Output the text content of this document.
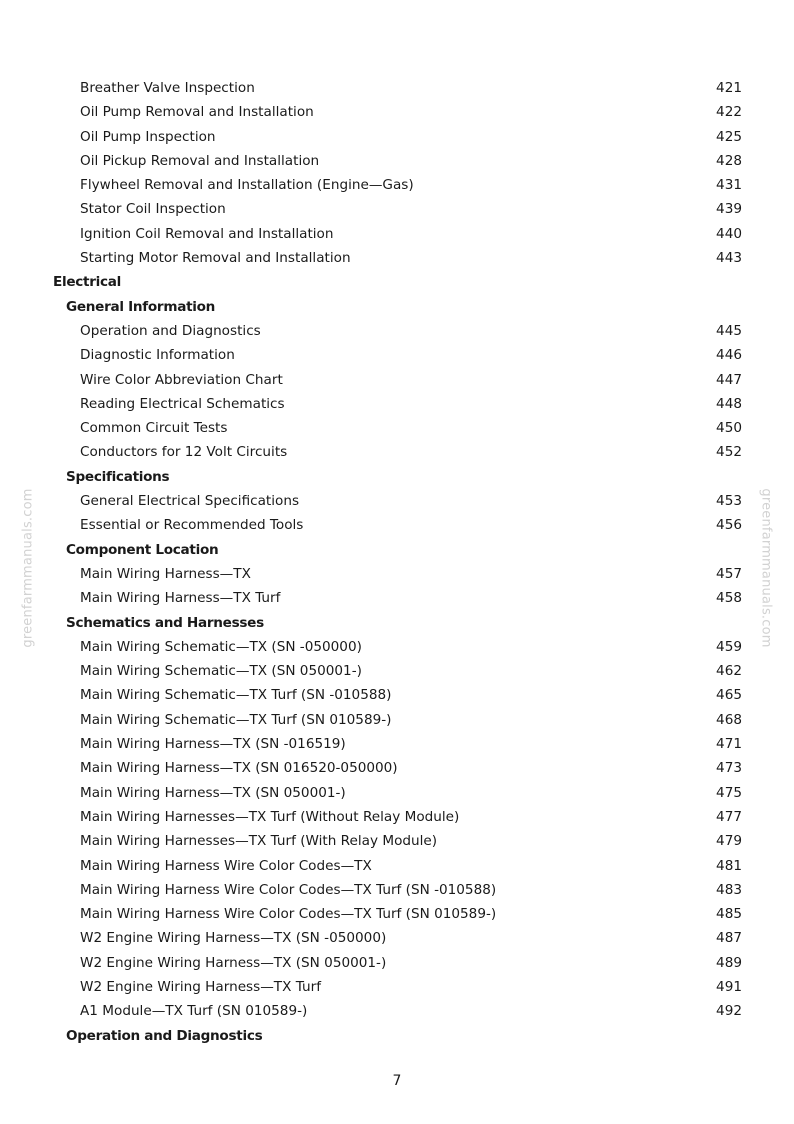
greenfarmmanuals.com	greenfarmmanuals.com
Breather Valve Inspection	421
Oil Pump Removal and Installation	422
Oil Pump Inspection	425
Oil Pickup Removal and Installation	428
Flywheel Removal and Installation (Engine—Gas)	431
Stator Coil Inspection	439
Ignition Coil Removal and Installation	440
Starting Motor Removal and Installation	443
Electrical
General Information
Operation and Diagnostics	445
Diagnostic Information	446
Wire Color Abbreviation Chart	447
Reading Electrical Schematics	448
Common Circuit Tests	450
Conductors for 12 Volt Circuits	452
Specifications
General Electrical Specifications	453
Essential or Recommended Tools	456
Component Location
Main Wiring Harness—TX	457
Main Wiring Harness—TX Turf	458
Schematics and Harnesses
Main Wiring Schematic—TX (SN -050000)	459
Main Wiring Schematic—TX (SN 050001-)	462
Main Wiring Schematic—TX Turf (SN -010588)	465
Main Wiring Schematic—TX Turf (SN 010589-)	468
Main Wiring Harness—TX (SN -016519)	471
Main Wiring Harness—TX (SN 016520-050000)	473
Main Wiring Harness—TX (SN 050001-)	475
Main Wiring Harnesses—TX Turf (Without Relay Module)	477
Main Wiring Harnesses—TX Turf (With Relay Module)	479
Main Wiring Harness Wire Color Codes—TX	481
Main Wiring Harness Wire Color Codes—TX Turf (SN -010588)	483
Main Wiring Harness Wire Color Codes—TX Turf (SN 010589-)	485
W2 Engine Wiring Harness—TX (SN -050000)	487
W2 Engine Wiring Harness—TX (SN 050001-)	489
W2 Engine Wiring Harness—TX Turf	491
A1 Module—TX Turf (SN 010589-)	492
Operation and Diagnostics
7
